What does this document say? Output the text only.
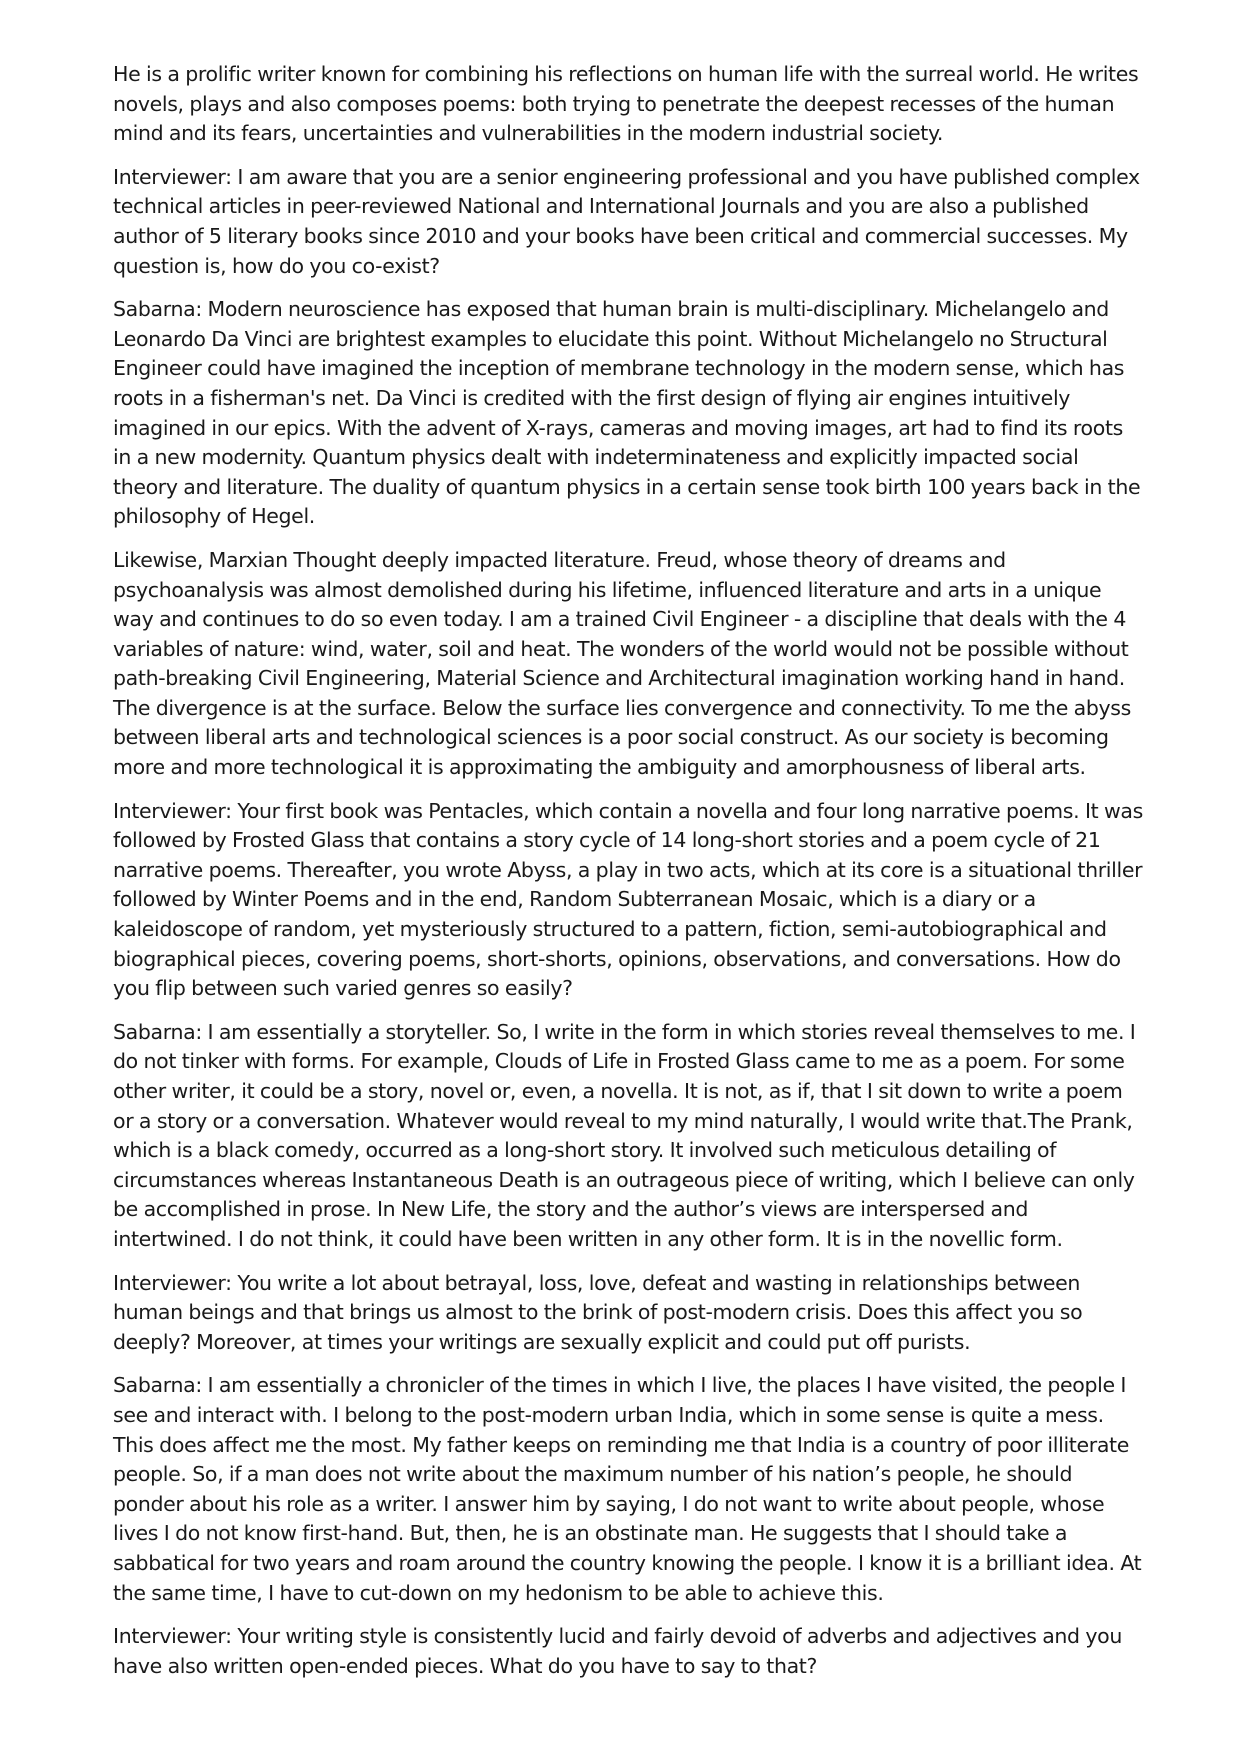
He is a prolific writer known for combining his reflections on human life with the surreal world. He writes novels, plays and also composes poems: both trying to penetrate the deepest recesses of the human mind and its fears, uncertainties and vulnerabilities in the modern industrial society.

Interviewer: I am aware that you are a senior engineering professional and you have published complex technical articles in peer-reviewed National and International Journals and you are also a published author of 5 literary books since 2010 and your books have been critical and commercial successes. My question is, how do you co-exist?

Sabarna: Modern neuroscience has exposed that human brain is multi-disciplinary. Michelangelo and Leonardo Da Vinci are brightest examples to elucidate this point. Without Michelangelo no Structural Engineer could have imagined the inception of membrane technology in the modern sense, which has roots in a fisherman's net. Da Vinci is credited with the first design of flying air engines intuitively imagined in our epics. With the advent of X-rays, cameras and moving images, art had to find its roots in a new modernity. Quantum physics dealt with indeterminateness and explicitly impacted social theory and literature. The duality of quantum physics in a certain sense took birth 100 years back in the philosophy of Hegel.

Likewise, Marxian Thought deeply impacted literature. Freud, whose theory of dreams and psychoanalysis was almost demolished during his lifetime, influenced literature and arts in a unique way and continues to do so even today. I am a trained Civil Engineer - a discipline that deals with the 4 variables of nature: wind, water, soil and heat. The wonders of the world would not be possible without path-breaking Civil Engineering, Material Science and Architectural imagination working hand in hand. The divergence is at the surface. Below the surface lies convergence and connectivity. To me the abyss between liberal arts and technological sciences is a poor social construct. As our society is becoming more and more technological it is approximating the ambiguity and amorphousness of liberal arts.

Interviewer: Your first book was Pentacles, which contain a novella and four long narrative poems. It was followed by Frosted Glass that contains a story cycle of 14 long-short stories and a poem cycle of 21 narrative poems. Thereafter, you wrote Abyss, a play in two acts, which at its core is a situational thriller followed by Winter Poems and in the end, Random Subterranean Mosaic, which is a diary or a kaleidoscope of random, yet mysteriously structured to a pattern, fiction, semi-autobiographical and biographical pieces, covering poems, short-shorts, opinions, observations, and conversations. How do you flip between such varied genres so easily?

Sabarna: I am essentially a storyteller. So, I write in the form in which stories reveal themselves to me. I do not tinker with forms. For example, Clouds of Life in Frosted Glass came to me as a poem. For some other writer, it could be a story, novel or, even, a novella. It is not, as if, that I sit down to write a poem or a story or a conversation. Whatever would reveal to my mind naturally, I would write that.The Prank, which is a black comedy, occurred as a long-short story. It involved such meticulous detailing of circumstances whereas Instantaneous Death is an outrageous piece of writing, which I believe can only be accomplished in prose. In New Life, the story and the author’s views are interspersed and intertwined. I do not think, it could have been written in any other form. It is in the novellic form.

Interviewer: You write a lot about betrayal, loss, love, defeat and wasting in relationships between human beings and that brings us almost to the brink of post-modern crisis. Does this affect you so deeply? Moreover, at times your writings are sexually explicit and could put off purists.

Sabarna: I am essentially a chronicler of the times in which I live, the places I have visited, the people I see and interact with. I belong to the post-modern urban India, which in some sense is quite a mess. This does affect me the most. My father keeps on reminding me that India is a country of poor illiterate people. So, if a man does not write about the maximum number of his nation’s people, he should ponder about his role as a writer. I answer him by saying, I do not want to write about people, whose lives I do not know first-hand. But, then, he is an obstinate man. He suggests that I should take a sabbatical for two years and roam around the country knowing the people. I know it is a brilliant idea. At the same time, I have to cut-down on my hedonism to be able to achieve this.

Interviewer: Your writing style is consistently lucid and fairly devoid of adverbs and adjectives and you have also written open-ended pieces. What do you have to say to that?
